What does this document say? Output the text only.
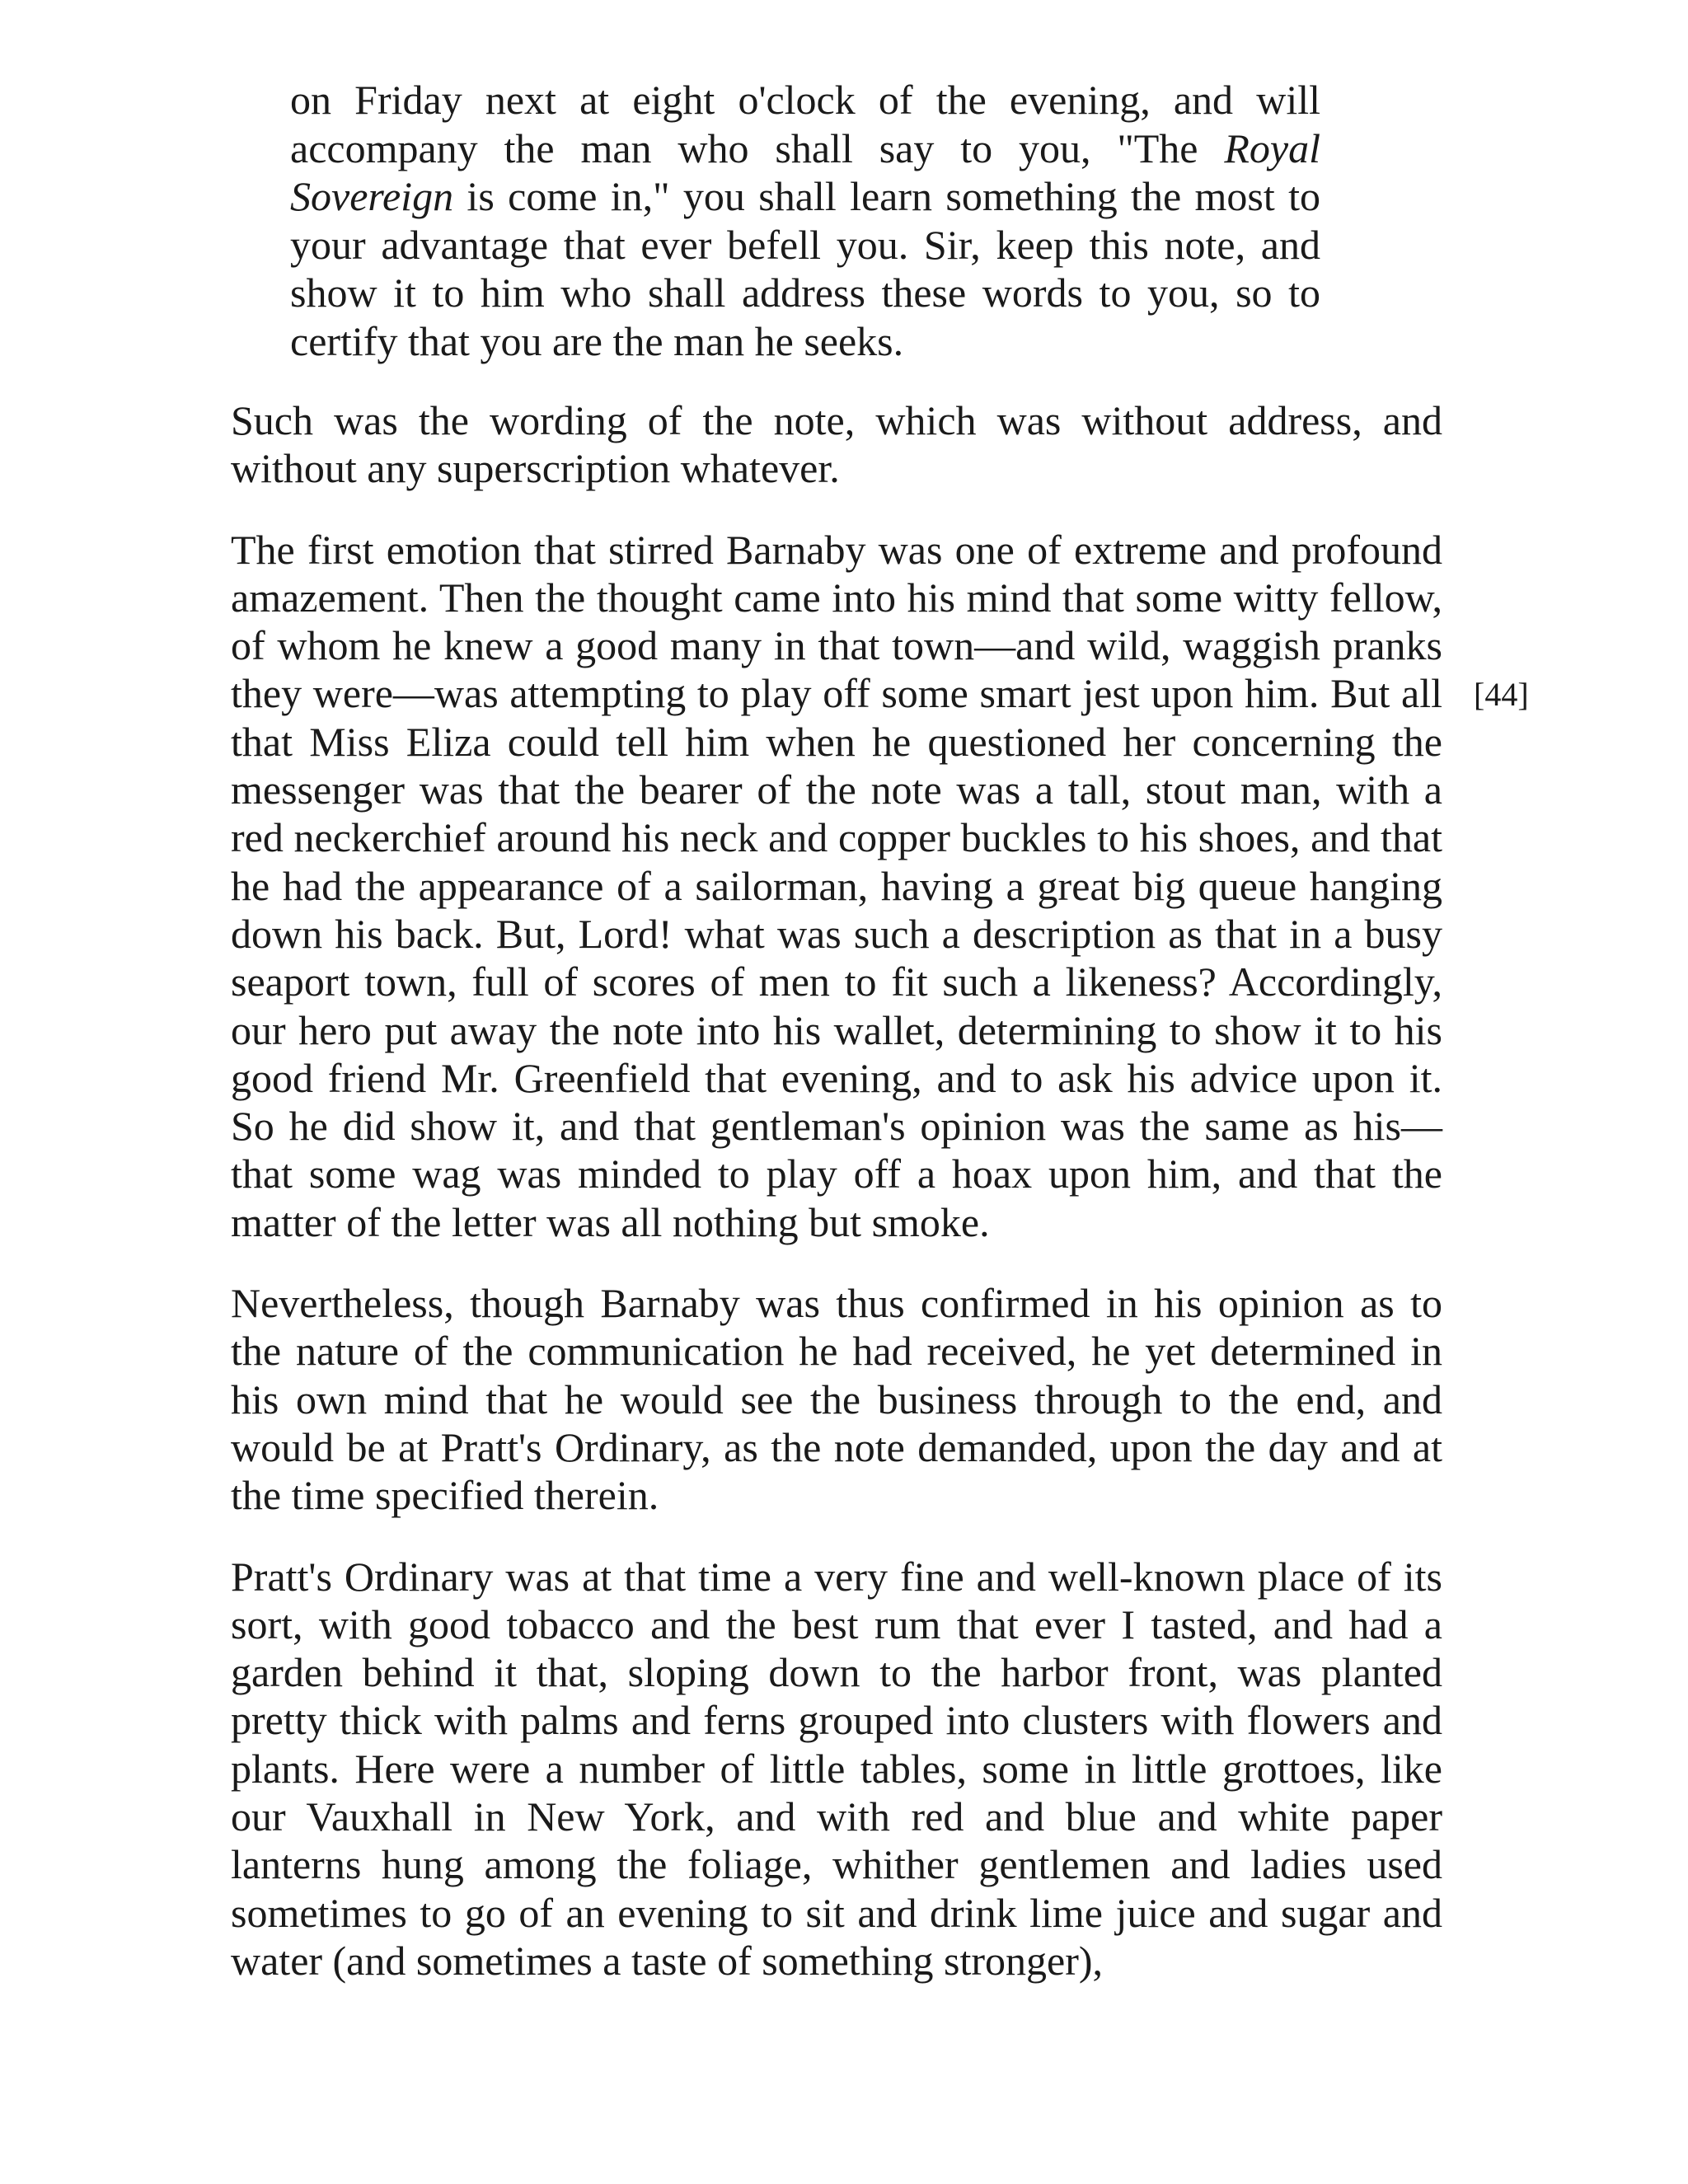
on Friday next at eight o'clock of the evening, and will accompany the man who shall say to you, "The Royal Sovereign is come in," you shall learn something the most to your advantage that ever befell you. Sir, keep this note, and show it to him who shall address these words to you, so to certify that you are the man he seeks.

Such was the wording of the note, which was without address, and without any superscription whatever.

The first emotion that stirred Barnaby was one of extreme and profound amazement. Then the thought came into his mind that some witty fellow, of whom he knew a good many in that town—and wild, waggish pranks they were—was attempting to play off some smart jest upon him. But all that Miss Eliza could tell him when he questioned her concerning the messenger was that the bearer of the note was a tall, stout man, with a red neckerchief around his neck and copper buckles to his shoes, and that he had the appearance of a sailorman, having a great big queue hanging down his back. But, Lord! what was such a description as that in a busy seaport town, full of scores of men to fit such a likeness? Accordingly, our hero put away the note into his wallet, determining to show it to his good friend Mr. Greenfield that evening, and to ask his advice upon it. So he did show it, and that gentleman's opinion was the same as his—that some wag was minded to play off a hoax upon him, and that the matter of the letter was all nothing but smoke.

Nevertheless, though Barnaby was thus confirmed in his opinion as to the nature of the communication he had received, he yet determined in his own mind that he would see the business through to the end, and would be at Pratt's Ordinary, as the note demanded, upon the day and at the time specified therein.

Pratt's Ordinary was at that time a very fine and well-known place of its sort, with good tobacco and the best rum that ever I tasted, and had a garden behind it that, sloping down to the harbor front, was planted pretty thick with palms and ferns grouped into clusters with flowers and plants. Here were a number of little tables, some in little grottoes, like our Vauxhall in New York, and with red and blue and white paper lanterns hung among the foliage, whither gentlemen and ladies used sometimes to go of an evening to sit and drink lime juice and sugar and water (and sometimes a taste of something stronger),

[44]
